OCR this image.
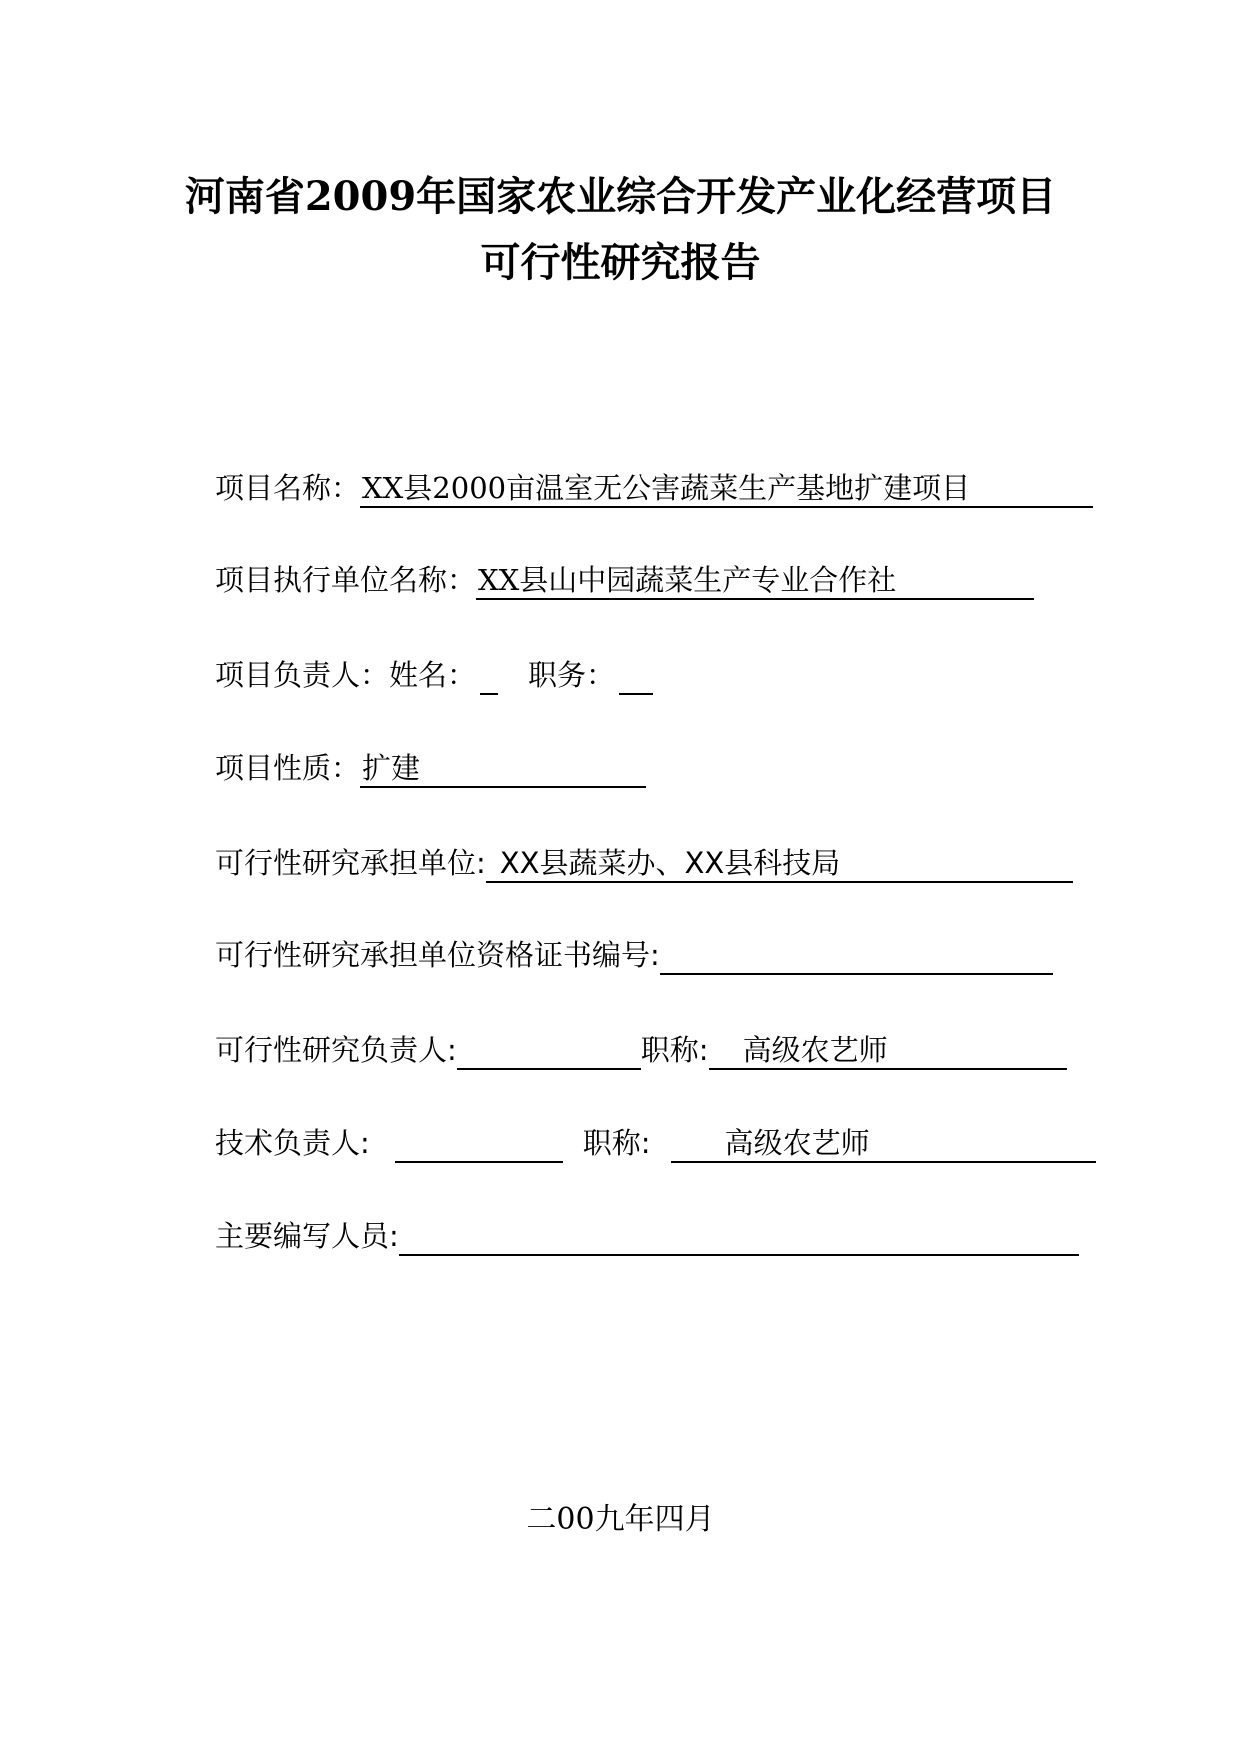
河南省2009年国家农业综合开发产业化经营项目
可行性研究报告
项目名称： XX县2000亩温室无公害蔬菜生产基地扩建项目
项目执行单位名称： XX县山中园蔬菜生产专业合作社
项目负责人： 姓名： 职务：
项目性质： 扩建
可行性研究承担单位: XX县蔬菜办、XX县科技局
可行性研究承担单位资格证书编号:
可行性研究负责人:	职称:	高级农艺师
技术负责人:	职称:	高级农艺师
主要编写人员:
二00九年四月
